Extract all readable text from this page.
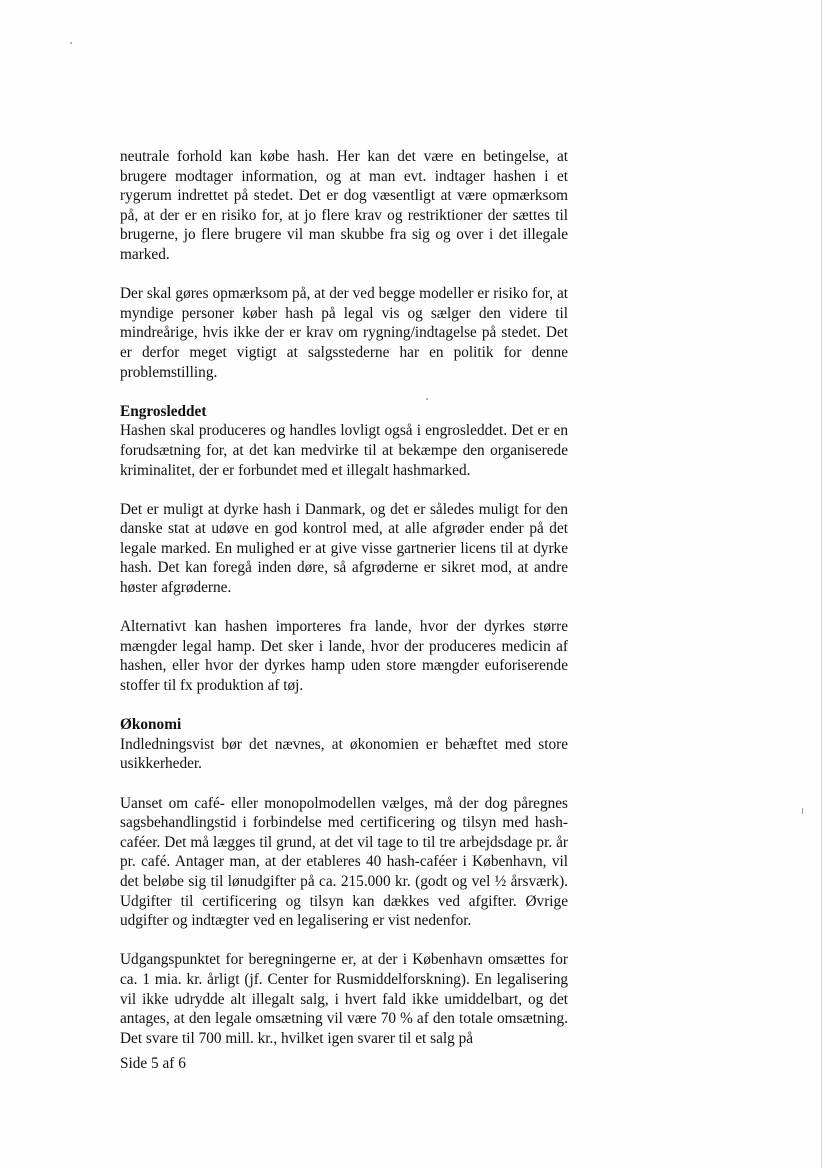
neutrale forhold kan købe hash. Her kan det være en betingelse, at brugere modtager information, og at man evt. indtager hashen i et rygerum indrettet på stedet. Det er dog væsentligt at være opmærksom på, at der er en risiko for, at jo flere krav og restriktioner der sættes til brugerne, jo flere brugere vil man skubbe fra sig og over i det illegale marked.

Der skal gøres opmærksom på, at der ved begge modeller er risiko for, at myndige personer køber hash på legal vis og sælger den videre til mindreårige, hvis ikke der er krav om rygning/indtagelse på stedet. Det er derfor meget vigtigt at salgsstederne har en politik for denne problemstilling.

Engrosleddet

Hashen skal produceres og handles lovligt også i engrosleddet. Det er en forudsætning for, at det kan medvirke til at bekæmpe den organiserede kriminalitet, der er forbundet med et illegalt hashmarked.

Det er muligt at dyrke hash i Danmark, og det er således muligt for den danske stat at udøve en god kontrol med, at alle afgrøder ender på det legale marked. En mulighed er at give visse gartnerier licens til at dyrke hash. Det kan foregå inden døre, så afgrøderne er sikret mod, at andre høster afgrøderne.

Alternativt kan hashen importeres fra lande, hvor der dyrkes større mængder legal hamp. Det sker i lande, hvor der produceres medicin af hashen, eller hvor der dyrkes hamp uden store mængder euforiserende stoffer til fx produktion af tøj.

Økonomi

Indledningsvist bør det nævnes, at økonomien er behæftet med store usikkerheder.

Uanset om café- eller monopolmodellen vælges, må der dog påregnes sagsbehandlingstid i forbindelse med certificering og tilsyn med hash-caféer. Det må lægges til grund, at det vil tage to til tre arbejdsdage pr. år pr. café. Antager man, at der etableres 40 hash-caféer i København, vil det beløbe sig til lønudgifter på ca. 215.000 kr. (godt og vel ½ årsværk). Udgifter til certificering og tilsyn kan dækkes ved afgifter. Øvrige udgifter og indtægter ved en legalisering er vist nedenfor.

Udgangspunktet for beregningerne er, at der i København omsættes for ca. 1 mia. kr. årligt (jf. Center for Rusmiddelforskning). En legalisering vil ikke udrydde alt illegalt salg, i hvert fald ikke umiddelbart, og det antages, at den legale omsætning vil være 70 % af den totale omsætning. Det svare til 700 mill. kr., hvilket igen svarer til et salg på

Side 5 af 6
